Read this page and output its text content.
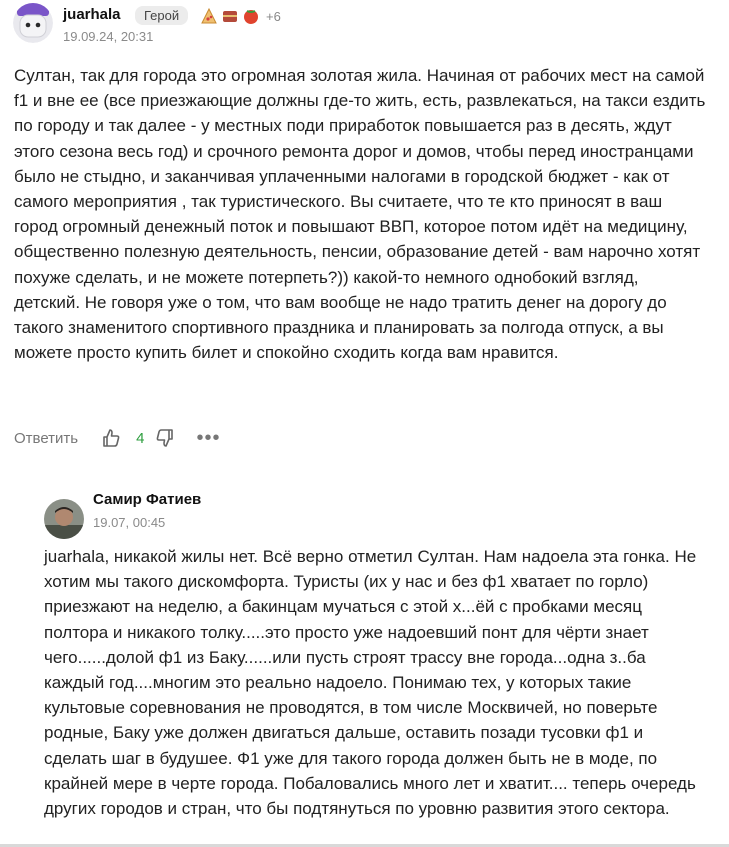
juarhala	Герой	+6
19.09.24, 20:31
Султан, так для города это огромная золотая жила. Начиная от рабочих мест на самой f1 и вне ее (все приезжающие должны где-то жить, есть, развлекаться, на такси ездить по городу и так далее - у местных поди приработок повышается раз в десять, ждут этого сезона весь год) и срочного ремонта дорог и домов, чтобы перед иностранцами было не стыдно, и заканчивая уплаченными налогами в городской бюджет - как от самого мероприятия , так туристического. Вы считаете, что те кто приносят в ваш город огромный денежный поток и повышают ВВП, которое потом идёт на медицину, общественно полезную деятельность, пенсии, образование детей - вам нарочно хотят похуже сделать, и не можете потерпеть?)) какой-то немного однобокий взгляд, детский. Не говоря уже о том, что вам вообще не надо тратить денег на дорогу до такого знаменитого спортивного праздника и планировать за полгода отпуск, а вы можете просто купить билет и спокойно сходить когда вам нравится.
Ответить	4	•••
Самир Фатиев
19.07, 00:45
juarhala, никакой жилы нет. Всё верно отметил Султан. Нам надоела эта гонка. Не хотим мы такого дискомфорта. Туристы (их у нас и без ф1 хватает по горло) приезжают на неделю, а бакинцам мучаться с этой х...ёй с пробками месяц полтора и никакого толку.....это просто уже надоевший понт для чёрти знает чего......долой ф1 из Баку......или пусть строят трассу вне города...одна з..ба каждый год....многим это реально надоело. Понимаю тех, у которых такие культовые соревнования не проводятся, в том числе Москвичей, но поверьте родные, Баку уже должен двигаться дальше, оставить позади тусовки ф1 и сделать шаг в будушее. Ф1 уже для такого города должен быть не в моде, по крайней мере в черте города. Побаловались много лет и хватит.... теперь очередь других городов и стран, что бы подтянуться по уровню развития этого сектора.
